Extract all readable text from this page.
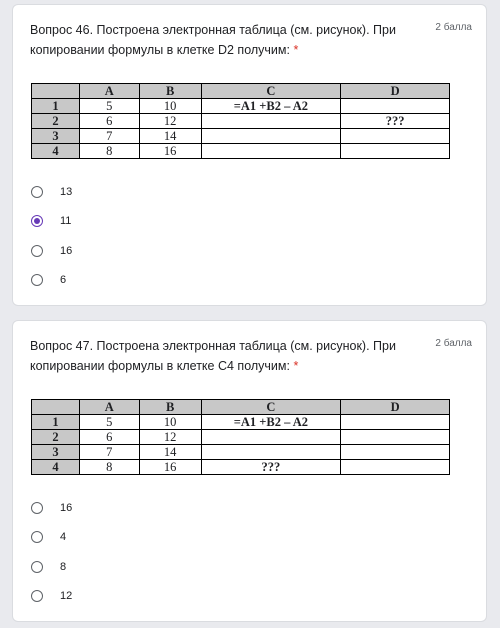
Вопрос 46. Построена электронная таблица (см. рисунок). При копировании формулы в клетке D2 получим: *
2 балла
	A	B	C	D
1	5	10	=A1 +B2 – A2	
2	6	12		???
3	7	14		
4	8	16		
13
11
16
6
Вопрос 47. Построена электронная таблица (см. рисунок). При копировании формулы в клетке C4 получим: *
2 балла
	A	B	C	D
1	5	10	=A1 +B2 – A2	
2	6	12		
3	7	14		
4	8	16	???	
16
4
8
12
